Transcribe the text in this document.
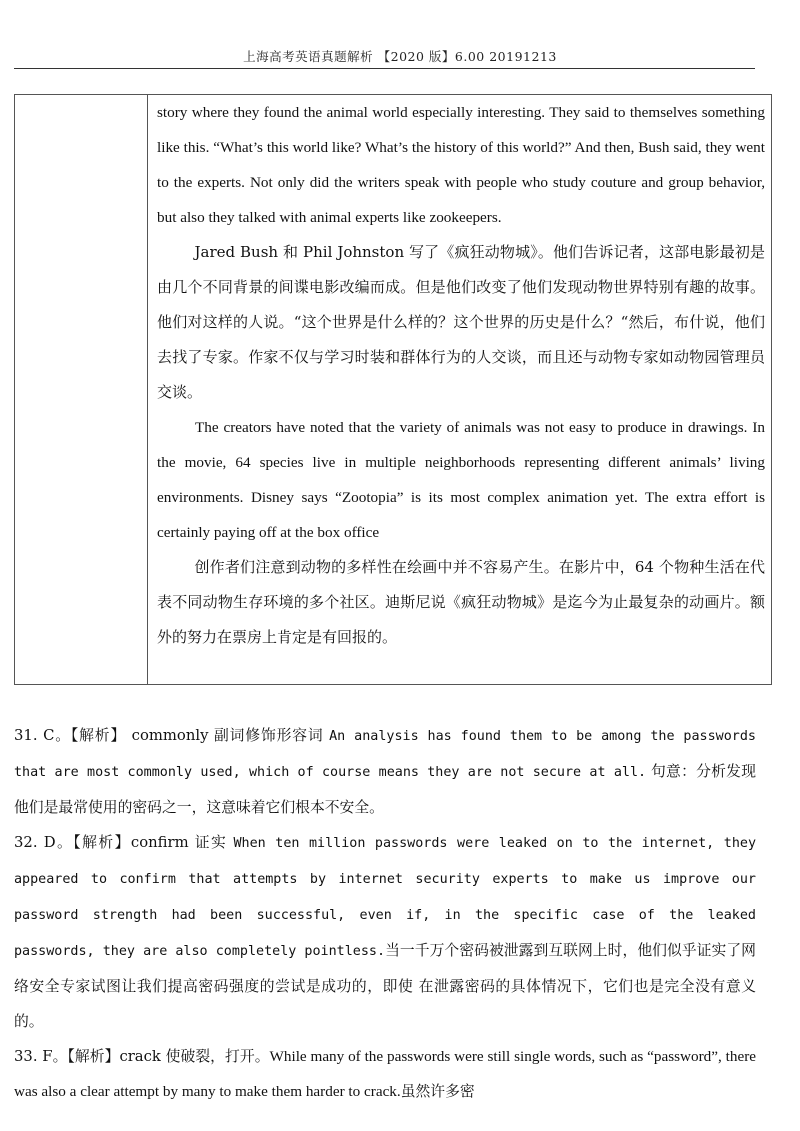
上海高考英语真题解析 【2020 版】6.00 20191213

story where they found the animal world especially interesting. They said to themselves something like this. “What’s this world like? What’s the history of this world?” And then, Bush said, they went to the experts. Not only did the writers speak with people who study couture and group behavior, but also they talked with animal experts like zookeepers.

Jared Bush 和 Phil Johnston 写了《疯狂动物城》。他们告诉记者，这部电影最初是由几个不同背景的间谍电影改编而成。但是他们改变了他们发现动物世界特别有趣的故事。他们对这样的人说。“这个世界是什么样的？这个世界的历史是什么？“然后，布什说，他们去找了专家。作家不仅与学习时装和群体行为的人交谈，而且还与动物专家如动物园管理员交谈。

The creators have noted that the variety of animals was not easy to produce in drawings. In the movie, 64 species live in multiple neighborhoods representing different animals’ living environments. Disney says “Zootopia” is its most complex animation yet. The extra effort is certainly paying off at the box office

创作者们注意到动物的多样性在绘画中并不容易产生。在影片中，64 个物种生活在代表不同动物生存环境的多个社区。迪斯尼说《疯狂动物城》是迄今为止最复杂的动画片。额外的努力在票房上肯定是有回报的。

31. C。【解析】 commonly 副词修饰形容词 An analysis has found them to be among the passwords that are most commonly used, which of course means they are not secure at all. 句意：分析发现他们是最常使用的密码之一，这意味着它们根本不安全。

32. D。【解析】confirm 证实 When ten million passwords were leaked on to the internet, they appeared to confirm that attempts by internet security experts to make us improve our password strength had been successful, even if, in the specific case of the leaked passwords, they are also completely pointless.当一千万个密码被泄露到互联网上时，他们似乎证实了网络安全专家试图让我们提高密码强度的尝试是成功的，即使 在泄露密码的具体情况下，它们也是完全没有意义的。

33. F。【解析】crack 使破裂，打开。While many of the passwords were still single words, such as “password”, there was also a clear attempt by many to make them harder to crack.虽然许多密
